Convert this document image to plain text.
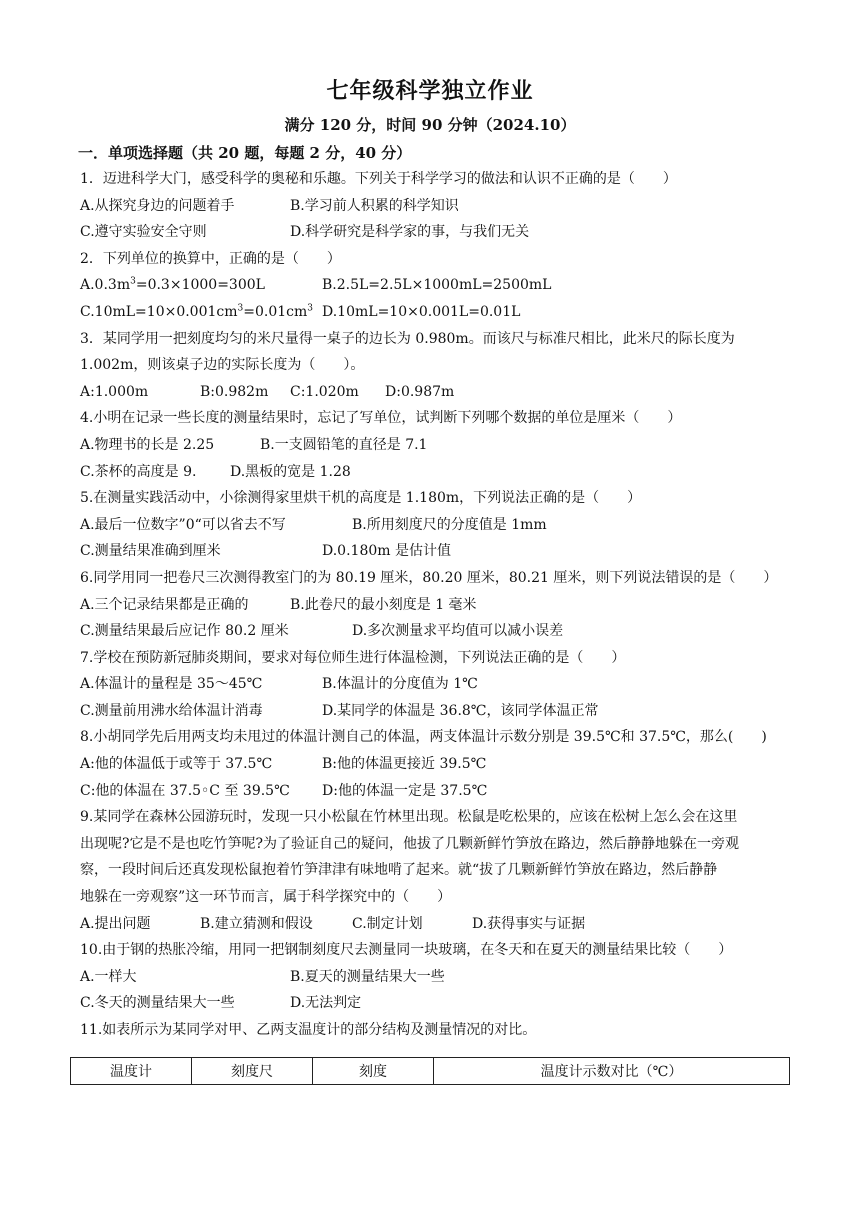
七年级科学独立作业
满分 120 分，时间 90 分钟（2024.10）
一．单项选择题（共 20 题，每题 2 分，40 分）
1．迈进科学大门，感受科学的奥秘和乐趣。下列关于科学学习的做法和认识不正确的是（　　）
A.从探究身边的问题着手	B.学习前人积累的科学知识
C.遵守实验安全守则	D.科学研究是科学家的事，与我们无关
2．下列单位的换算中，正确的是（　　）
$A.0.3m^3=0.3\times 1000=300L$	B.2.5L=2.5L×1000mL=2500mL
$C.10mL=10\times 0.001cm^3=0.01cm^3$ D.10mL=10×0.001L=0.01L
3．某同学用一把刻度均匀的米尺量得一桌子的边长为 0.980m。而该尺与标准尺相比，此米尺的际长度为
1.002m，则该桌子边的实际长度为（　　）。
A:1.000m	B:0.982m C:1.020m D:0.987m
4.小明在记录一些长度的测量结果时，忘记了写单位，试判断下列哪个数据的单位是厘米（　　）
A.物理书的长是 2.25	B.一支圆铅笔的直径是 7.1
C.茶杯的高度是 9. D.黑板的宽是 1.28
5.在测量实践活动中，小徐测得家里烘干机的高度是 1.180m，下列说法正确的是（　　）
A.最后一位数字”0“可以省去不写	B.所用刻度尺的分度值是 1mm
C.测量结果准确到厘米	D.0.180m 是估计值
6.同学用同一把卷尺三次测得教室门的为 80.19 厘米，80.20 厘米，80.21 厘米，则下列说法错误的是（　　）
A.三个记录结果都是正确的	B.此卷尺的最小刻度是 1 毫米
C.测量结果最后应记作 80.2 厘米	D.多次测量求平均值可以减小误差
7.学校在预防新冠肺炎期间，要求对每位师生进行体温检测，下列说法正确的是（　　）
A.体温计的量程是 35～45℃	B.体温计的分度值为 1℃
C.测量前用沸水给体温计消毒	D.某同学的体温是 36.8℃，该同学体温正常
8.小胡同学先后用两支均未甩过的体温计测自己的体温，两支体温计示数分别是 39.5℃和 37.5℃，那么(　　)
A:他的体温低于或等于 37.5℃	B:他的体温更接近 39.5℃
C:他的体温在 37.5◦C 至 39.5℃ D:他的体温一定是 37.5℃
9.某同学在森林公园游玩时，发现一只小松鼠在竹林里出现。松鼠是吃松果的，应该在松树上怎么会在这里
出现呢?它是不是也吃竹笋呢?为了验证自己的疑问，他拔了几颗新鲜竹笋放在路边，然后静静地躲在一旁观
察，一段时间后还真发现松鼠抱着竹笋津津有味地啃了起来。就“拔了几颗新鲜竹笋放在路边，然后静静
地躲在一旁观察”这一环节而言，属于科学探究中的（　　）
A.提出问题	B.建立猜测和假设	C.制定计划	D.获得事实与证据
10.由于钢的热胀冷缩，用同一把钢制刻度尺去测量同一块玻璃，在冬天和在夏天的测量结果比较（　　）
A.一样大	B.夏天的测量结果大一些
C.冬天的测量结果大一些	D.无法判定
11.如表所示为某同学对甲、乙两支温度计的部分结构及测量情况的对比。
温度计	刻度尺	刻度	温度计示数对比（℃）
